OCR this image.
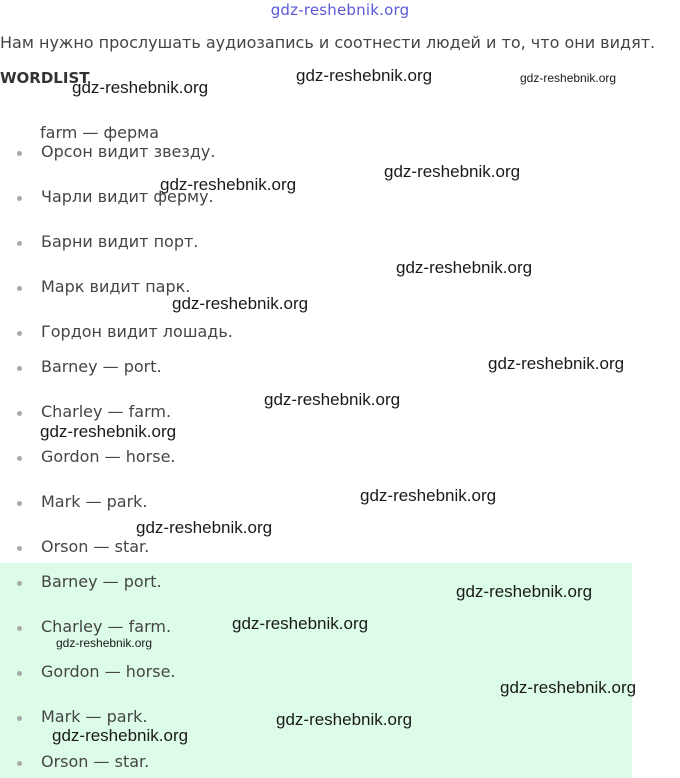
gdz-reshebnik.org
Нам нужно прослушать аудиозапись и соотнести людей и то, что они видят.
WORDLIST
farm — ферма
Орсон видит звезду.
Чарли видит ферму.
Барни видит порт.
Марк видит парк.
Гордон видит лошадь.
Barney — port.
Charley — farm.
Gordon — horse.
Mark — park.
Orson — star.
Barney — port.
Charley — farm.
Gordon — horse.
Mark — park.
Orson — star.
gdz-reshebnik.org	gdz-reshebnik.org
gdz-reshebnik.org
gdz-reshebnik.org
gdz-reshebnik.org
gdz-reshebnik.org
gdz-reshebnik.org
gdz-reshebnik.org
gdz-reshebnik.org
gdz-reshebnik.org
gdz-reshebnik.org
gdz-reshebnik.org
gdz-reshebnik.org
gdz-reshebnik.org
gdz-reshebnik.org
gdz-reshebnik.org
gdz-reshebnik.org
gdz-reshebnik.org
